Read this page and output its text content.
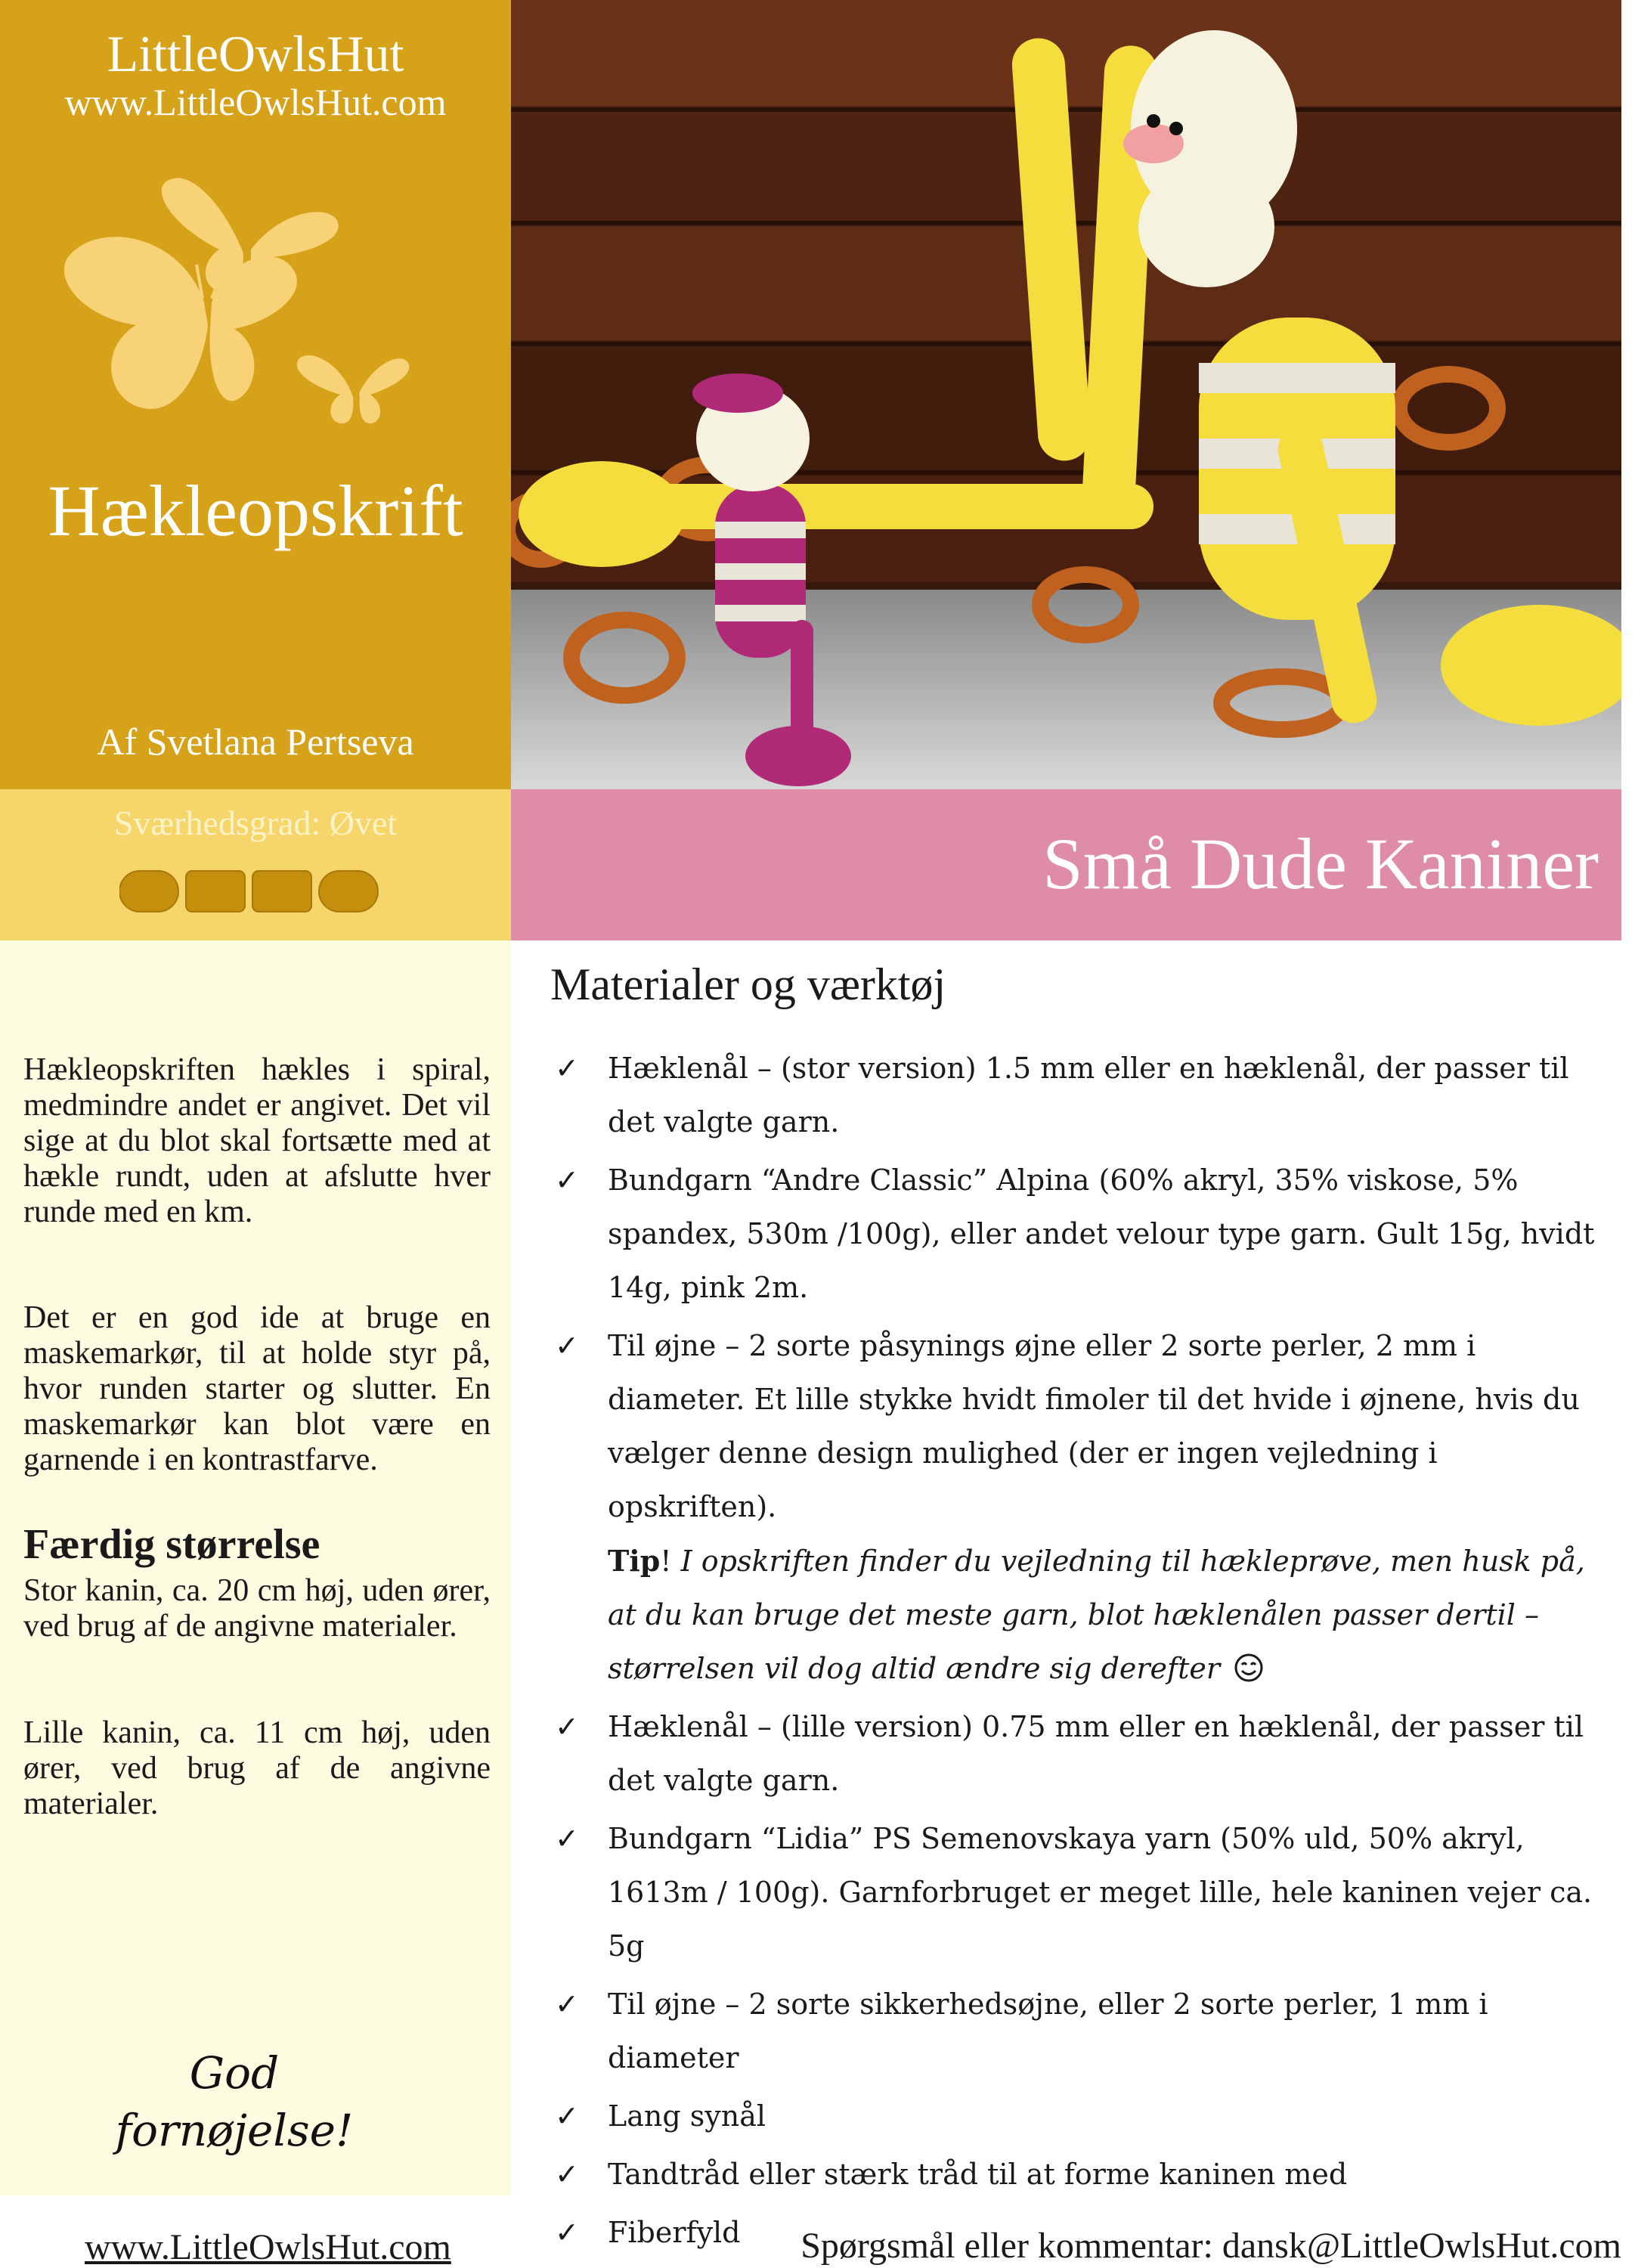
LittleOwlsHut
www.LittleOwlsHut.com
Hækleopskrift
Af Svetlana Pertseva
Sværhedsgrad: Øvet
Små Dude Kaniner
Hækleopskriften hækles i spiral, medmindre andet er angivet. Det vil sige at du blot skal fortsætte med at hækle rundt, uden at afslutte hver runde med en km.
Det er en god ide at bruge en maskemarkør, til at holde styr på, hvor runden starter og slutter. En maskemarkør kan blot være en garnende i en kontrastfarve.
Færdig størrelse
Stor kanin, ca. 20 cm høj, uden ører, ved brug af de angivne materialer.
Lille kanin, ca. 11 cm høj, uden ører, ved brug af de angivne materialer.
God
fornøjelse!
Materialer og værktøj
✓ Hæklenål – (stor version) 1.5 mm eller en hæklenål, der passer til det valgte garn.
✓ Bundgarn “Andre Classic” Alpina (60% akryl, 35% viskose, 5% spandex, 530m /100g), eller andet velour type garn. Gult 15g, hvidt 14g, pink 2m.
✓ Til øjne – 2 sorte påsynings øjne eller 2 sorte perler, 2 mm i diameter. Et lille stykke hvidt fimoler til det hvide i øjnene, hvis du vælger denne design mulighed (der er ingen vejledning i opskriften).
Tip! I opskriften finder du vejledning til hækleprøve, men husk på, at du kan bruge det meste garn, blot hæklenålen passer dertil – størrelsen vil dog altid ændre sig derefter
✓ Hæklenål – (lille version) 0.75 mm eller en hæklenål, der passer til det valgte garn.
✓ Bundgarn “Lidia” PS Semenovskaya yarn (50% uld, 50% akryl, 1613m / 100g). Garnforbruget er meget lille, hele kaninen vejer ca. 5g
✓ Til øjne – 2 sorte sikkerhedsøjne, eller 2 sorte perler, 1 mm i diameter
✓ Lang synål
✓ Tandtråd eller stærk tråd til at forme kaninen med
✓ Fiberfyld
www.LittleOwlsHut.com	Spørgsmål eller kommentar: dansk@LittleOwlsHut.com
